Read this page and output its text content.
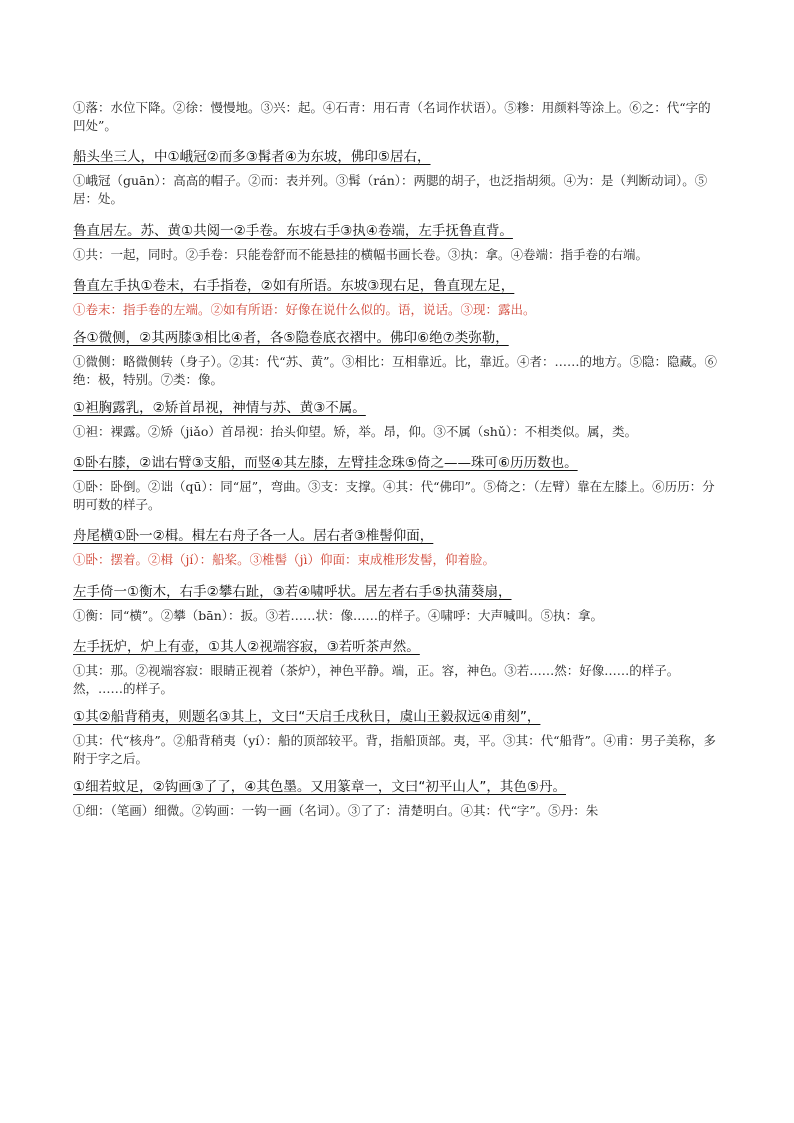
①落：水位下降。②徐：慢慢地。③兴：起。④石青：用石青（名词作状语）。⑤糁：用颜料等涂上。⑥之：代“字的凹处”。

船头坐三人，中①峨冠②而多③髯者④为东坡，佛印⑤居右，

①峨冠（guān）：高高的帽子。②而：表并列。③髯（rán）：两腮的胡子，也泛指胡须。④为：是（判断动词）。⑤居：处。

鲁直居左。苏、黄①共阅一②手卷。东坡右手③执④卷端，左手抚鲁直背。

①共：一起，同时。②手卷：只能卷舒而不能悬挂的横幅书画长卷。③执：拿。④卷端：指手卷的右端。

鲁直左手执①卷末，右手指卷，②如有所语。东坡③现右足，鲁直现左足，

①卷末：指手卷的左端。②如有所语：好像在说什么似的。语，说话。③现：露出。

各①微侧，②其两膝③相比④者，各⑤隐卷底衣褶中。佛印⑥绝⑦类弥勒，

①微侧：略微侧转（身子）。②其：代“苏、黄”。③相比：互相靠近。比，靠近。④者：……的地方。⑤隐：隐藏。⑥绝：极，特别。⑦类：像。

①袒胸露乳，②矫首昂视，神情与苏、黄③不属。

①袒：裸露。②矫（jiǎo）首昂视：抬头仰望。矫，举。昂，仰。③不属（shǔ）：不相类似。属，类。

①卧右膝，②诎右臂③支船，而竖④其左膝，左臂挂念珠⑤倚之——珠可⑥历历数也。

①卧：卧倒。②诎（qū）：同“屈”，弯曲。③支：支撑。④其：代“佛印”。⑤倚之：（左臂）靠在左膝上。⑥历历：分明可数的样子。

舟尾横①卧一②楫。楫左右舟子各一人。居右者③椎髻仰面，

①卧：摆着。②楫（jí）：船桨。③椎髻（jì）仰面：束成椎形发髻，仰着脸。

左手倚一①衡木，右手②攀右趾，③若④啸呼状。居左者右手⑤执蒲葵扇，

①衡：同“横”。②攀（bān）：扳。③若……状：像……的样子。④啸呼：大声喊叫。⑤执：拿。

左手抚炉，炉上有壶，①其人②视端容寂，③若听茶声然。

①其：那。②视端容寂：眼睛正视着（茶炉），神色平静。端，正。容，神色。③若……然：好像……的样子。然，……的样子。

①其②船背稍夷，则题名③其上，文曰“天启壬戌秋日，虞山王毅叔远④甫刻”，

①其：代“核舟”。②船背稍夷（yí）：船的顶部较平。背，指船顶部。夷，平。③其：代“船背”。④甫：男子美称，多附于字之后。

①细若蚊足，②钩画③了了，④其色墨。又用篆章一，文曰“初平山人”，其色⑤丹。

①细：（笔画）细微。②钩画：一钩一画（名词）。③了了：清楚明白。④其：代“字”。⑤丹：朱
